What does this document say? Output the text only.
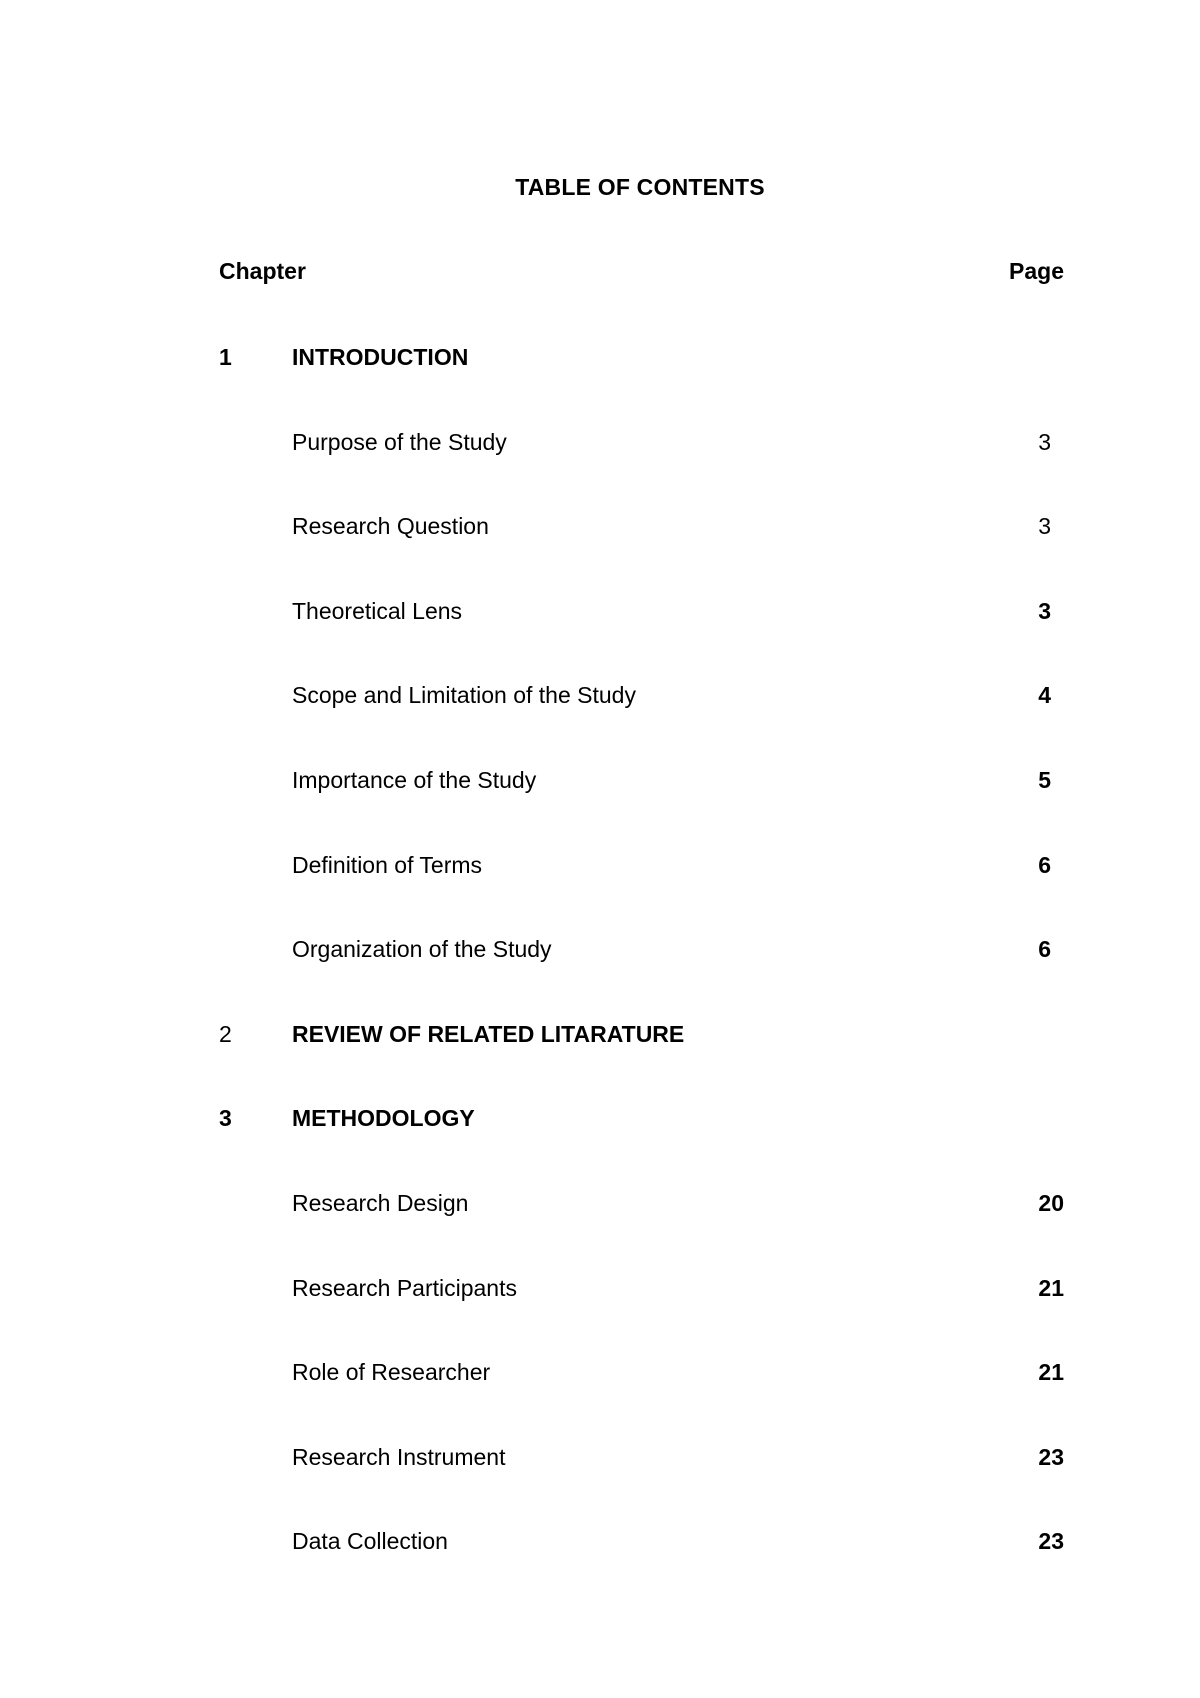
TABLE OF CONTENTS
Chapter	Page
1	INTRODUCTION
Purpose of the Study	3
Research Question	3
Theoretical Lens	3
Scope and Limitation of the Study	4
Importance of the Study	5
Definition of Terms	6
Organization of the Study	6
2	REVIEW OF RELATED LITARATURE
3	METHODOLOGY
Research Design	20
Research Participants	21
Role of Researcher	21
Research Instrument	23
Data Collection	23
